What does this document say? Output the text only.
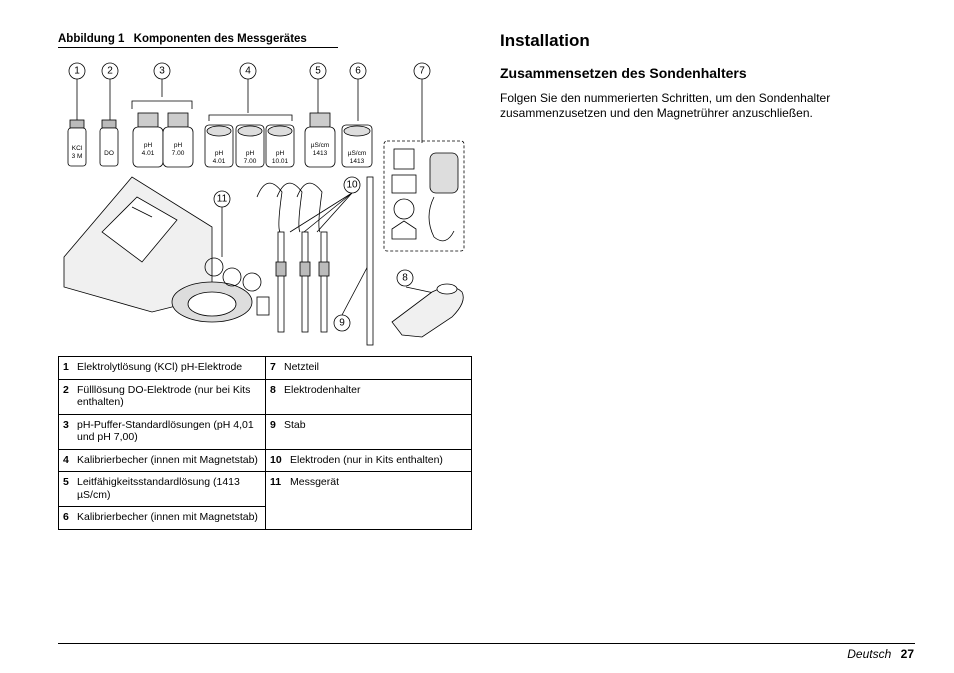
Abbildung 1 Komponenten des Messgerätes
KCl
3 M	DO
pH
4.01
pH
7.00	pH
4.01
pH
7.00
pH
10.01
µS/cm
1413	µS/cm
1413
1	2	3	4	5	6	7
8
9
10
11
1 Elektrolytlösung (KCl) pH-Elektrode	7 Netzteil

2 Fülllösung DO-Elektrode (nur bei Kits enthalten)	8 Elektrodenhalter

3 pH-Puffer-Standardlösungen (pH 4,01 und pH 7,00)	9 Stab

4 Kalibrierbecher (innen mit Magnetstab)	10 Elektroden (nur in Kits enthalten)

5 Leitfähigkeitsstandardlösung (1413 µS/cm)	11 Messgerät

6 Kalibrierbecher (innen mit Magnetstab)	
Installation
Zusammensetzen des Sondenhalters
Folgen Sie den nummerierten Schritten, um den Sondenhalter zusammenzusetzen und den Magnetrührer anzuschließen.
Deutsch 27
